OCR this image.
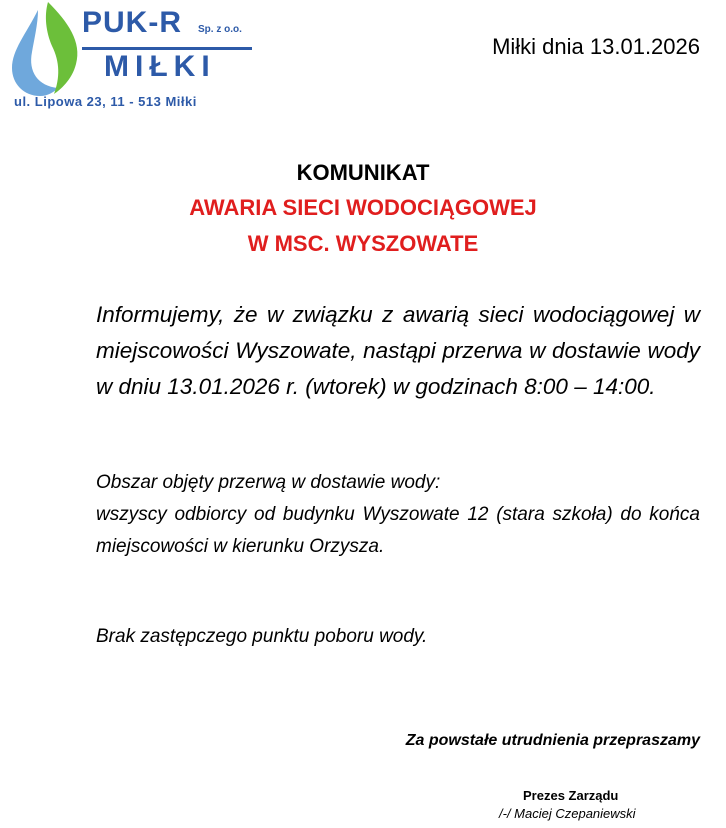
PUK-R Sp. z o.o.
MIŁKI
ul. Lipowa 23, 11 - 513 Miłki
Miłki dnia 13.01.2026
KOMUNIKAT
AWARIA SIECI WODOCIĄGOWEJ
W MSC. WYSZOWATE
Informujemy, że w związku z awarią sieci wodociągowej w miejscowości Wyszowate, nastąpi przerwa w dostawie wody w dniu 13.01.2026 r. (wtorek) w godzinach 8:00 – 14:00.
Obszar objęty przerwą w dostawie wody:
wszyscy odbiorcy od budynku Wyszowate 12 (stara szkoła) do końca miejscowości w kierunku Orzysza.
Brak zastępczego punktu poboru wody.
Za powstałe utrudnienia przepraszamy
Prezes Zarządu
/-/ Maciej Czepaniewski
